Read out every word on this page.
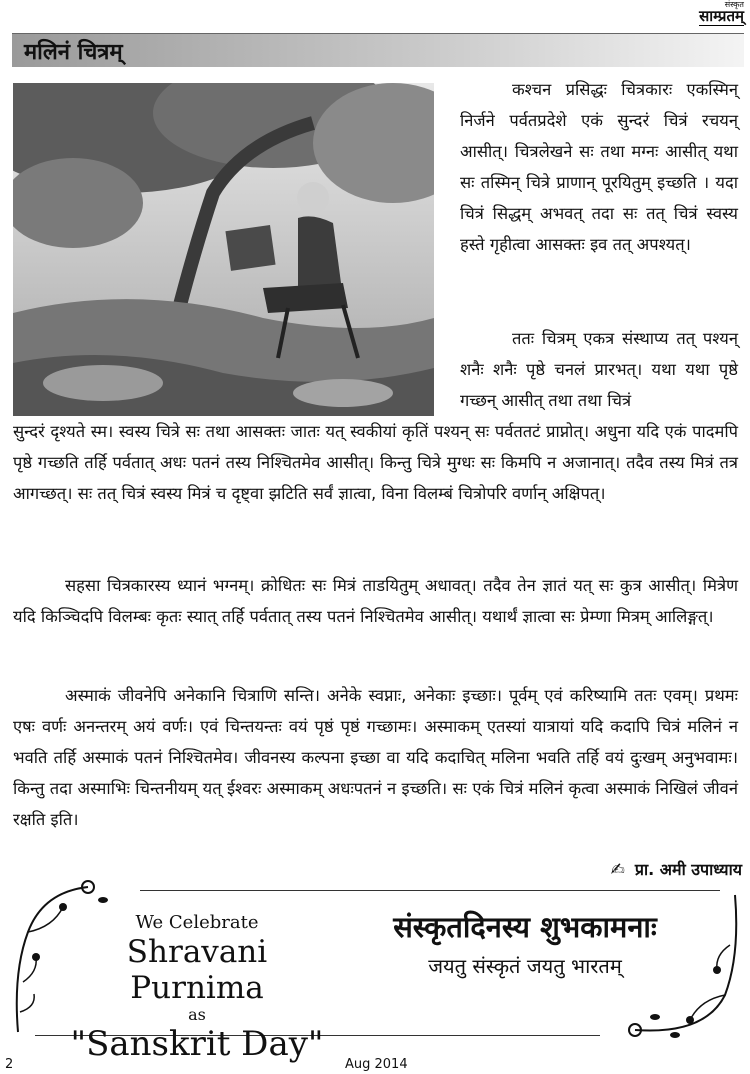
संस्कृत
साम्प्रतम्
मलिनं चित्रम्

कश्चन प्रसिद्धः चित्रकारः एकस्मिन् निर्जने पर्वतप्रदेशे एकं सुन्दरं चित्रं रचयन् आसीत्। चित्रलेखने सः तथा मग्नः आसीत् यथा सः तस्मिन् चित्रे प्राणान् पूरयितुम् इच्छति । यदा चित्रं सिद्धम् अभवत् तदा सः तत् चित्रं स्वस्य हस्ते गृहीत्वा आसक्तः इव तत् अपश्यत्।

ततः चित्रम् एकत्र संस्थाप्य तत् पश्यन् शनैः शनैः पृष्ठे चनलं प्रारभत्। यथा यथा पृष्ठे गच्छन् आसीत् तथा तथा चित्रं

सुन्दरं दृश्यते स्म। स्वस्य चित्रे सः तथा आसक्तः जातः यत् स्वकीयां कृतिं पश्यन् सः पर्वततटं प्राप्नोत्। अधुना यदि एकं पादमपि पृष्ठे गच्छति तर्हि पर्वतात् अधः पतनं तस्य निश्चितमेव आसीत्। किन्तु चित्रे मुग्धः सः किमपि न अजानात्। तदैव तस्य मित्रं तत्र आगच्छत्। सः तत् चित्रं स्वस्य मित्रं च दृष्ट्वा झटिति सर्वं ज्ञात्वा, विना विलम्बं चित्रोपरि वर्णान् अक्षिपत्।

सहसा चित्रकारस्य ध्यानं भग्नम्। क्रोधितः सः मित्रं ताडयितुम् अधावत्। तदैव तेन ज्ञातं यत् सः कुत्र आसीत्। मित्रेण यदि किञ्चिदपि विलम्बः कृतः स्यात् तर्हि पर्वतात् तस्य पतनं निश्चितमेव आसीत्। यथार्थं ज्ञात्वा सः प्रेम्णा मित्रम् आलिङ्गत्।

अस्माकं जीवनेपि अनेकानि चित्राणि सन्ति। अनेके स्वप्नाः, अनेकाः इच्छाः। पूर्वम् एवं करिष्यामि ततः एवम्। प्रथमः एषः वर्णः अनन्तरम् अयं वर्णः। एवं चिन्तयन्तः वयं पृष्ठं पृष्ठं गच्छामः। अस्माकम् एतस्यां यात्रायां यदि कदापि चित्रं मलिनं न भवति तर्हि अस्माकं पतनं निश्चितमेव। जीवनस्य कल्पना इच्छा वा यदि कदाचित् मलिना भवति तर्हि वयं दुःखम् अनुभवामः। किन्तु तदा अस्माभिः चिन्तनीयम् यत् ईश्वरः अस्माकम् अधःपतनं न इच्छति। सः एकं चित्रं मलिनं कृत्वा अस्माकं निखिलं जीवनं रक्षति इति।

✍ प्रा. अमी उपाध्याय
We Celebrate
Shravani Purnima
as
"Sanskrit Day"
संस्कृतदिनस्य शुभकामनाः
जयतु संस्कृतं जयतु भारतम्
2	Aug 2014
